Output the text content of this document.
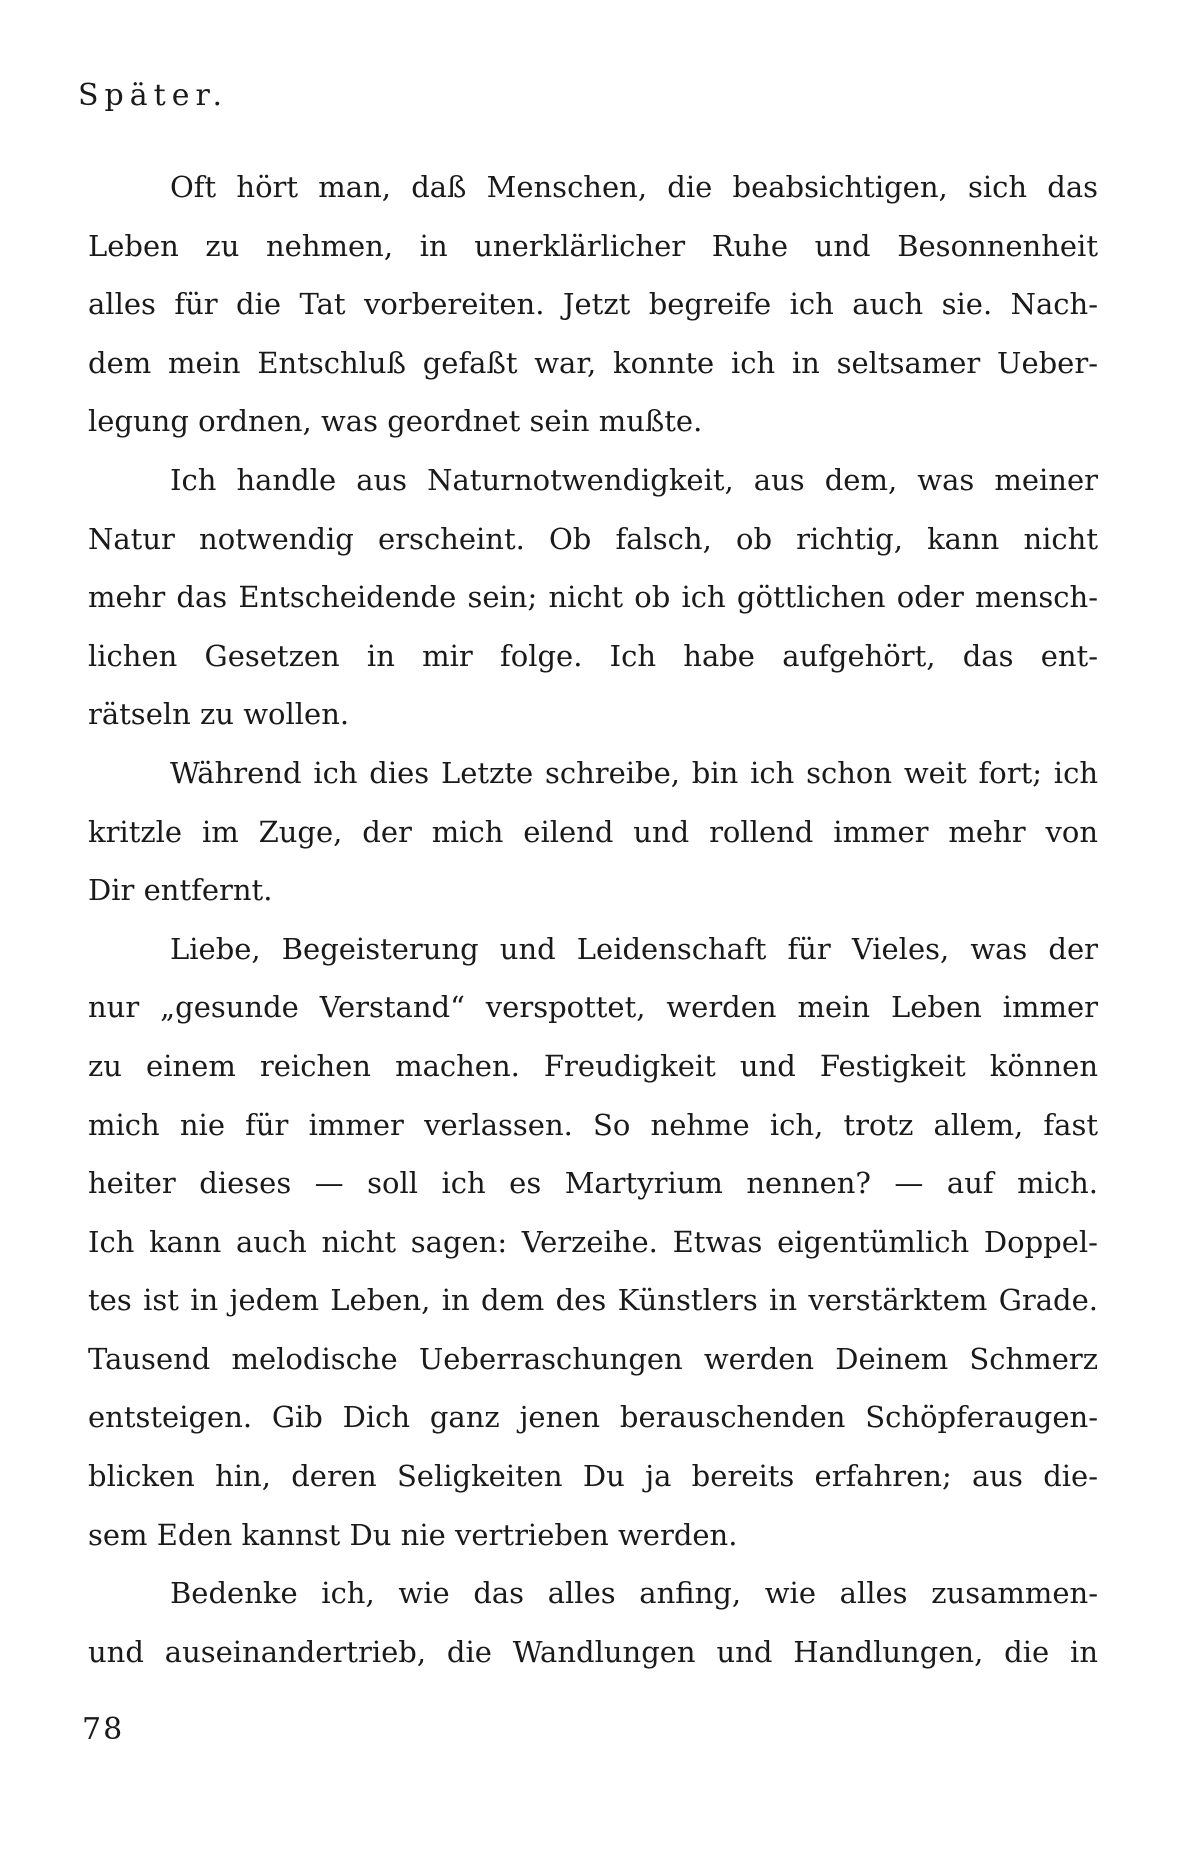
Später.

Oft hört man, daß Menschen, die beabsichtigen, sich das
Leben zu nehmen, in unerklärlicher Ruhe und Besonnenheit
alles für die Tat vorbereiten. Jetzt begreife ich auch sie. Nach-
dem mein Entschluß gefaßt war, konnte ich in seltsamer Ueber-
legung ordnen, was geordnet sein mußte.

Ich handle aus Naturnotwendigkeit, aus dem, was meiner
Natur notwendig erscheint. Ob falsch, ob richtig, kann nicht
mehr das Entscheidende sein; nicht ob ich göttlichen oder mensch-
lichen Gesetzen in mir folge. Ich habe aufgehört, das ent-
rätseln zu wollen.

Während ich dies Letzte schreibe, bin ich schon weit fort; ich
kritzle im Zuge, der mich eilend und rollend immer mehr von
Dir entfernt.

Liebe, Begeisterung und Leidenschaft für Vieles, was der
nur „gesunde Verstand“ verspottet, werden mein Leben immer
zu einem reichen machen. Freudigkeit und Festigkeit können
mich nie für immer verlassen. So nehme ich, trotz allem, fast
heiter dieses — soll ich es Martyrium nennen? — auf mich.
Ich kann auch nicht sagen: Verzeihe. Etwas eigentümlich Doppel-
tes ist in jedem Leben, in dem des Künstlers in verstärktem Grade.
Tausend melodische Ueberraschungen werden Deinem Schmerz
entsteigen. Gib Dich ganz jenen berauschenden Schöpferaugen-
blicken hin, deren Seligkeiten Du ja bereits erfahren; aus die-
sem Eden kannst Du nie vertrieben werden.

Bedenke ich, wie das alles anfing, wie alles zusammen-
und auseinandertrieb, die Wandlungen und Handlungen, die in

78
